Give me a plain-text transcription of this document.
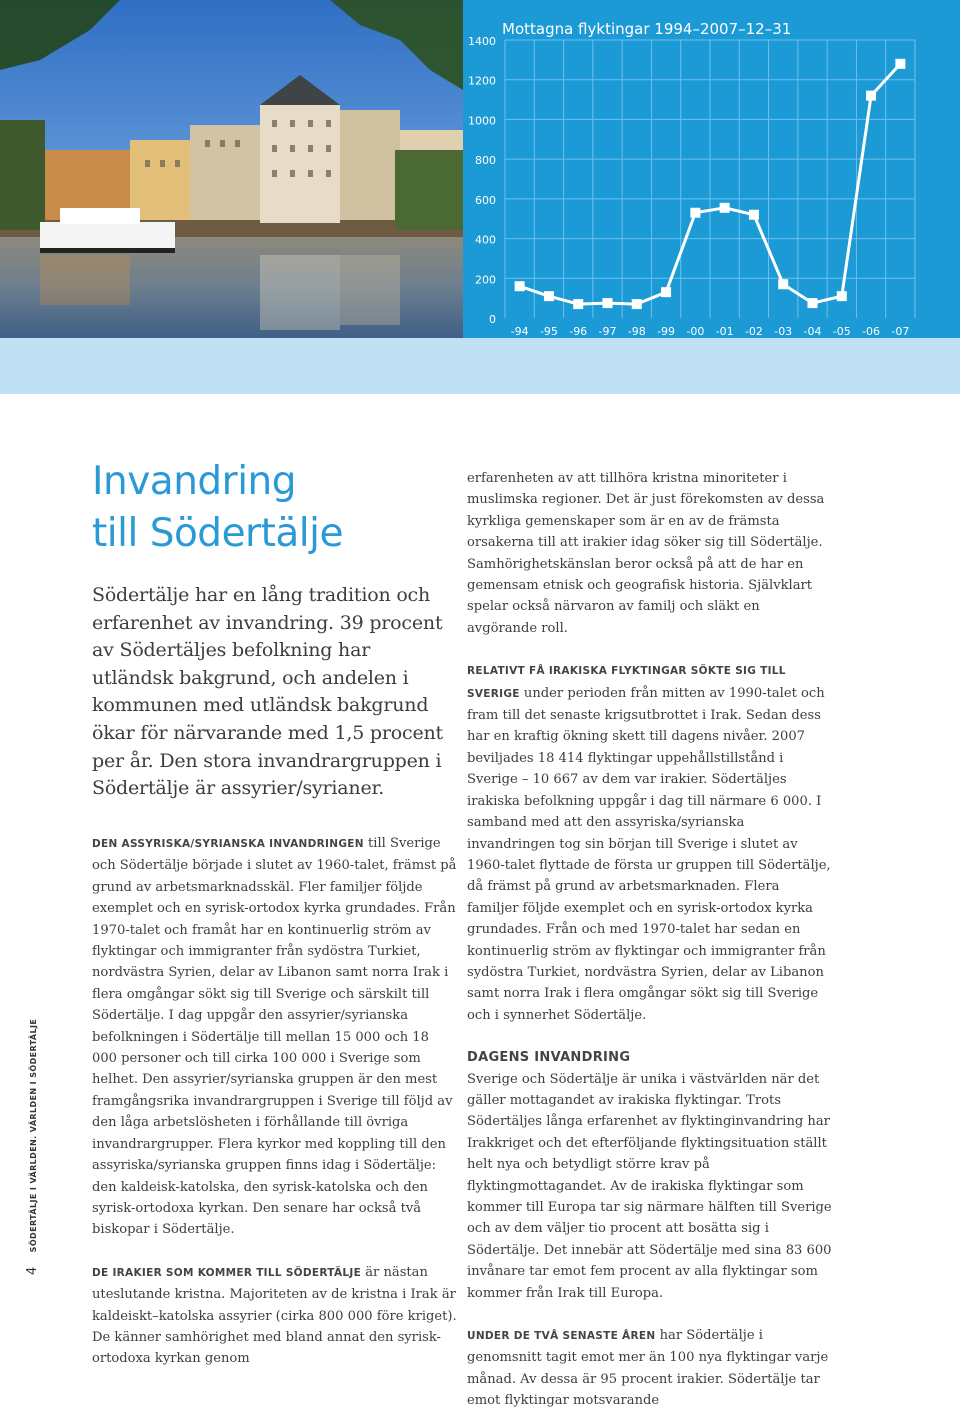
Mottagna flyktingar 1994–2007–12–31
0
200
400
600
800
1000
1200
1400
-94 -95 -96 -97 -98 -99 -00 -01 -02 -03 -04 -05 -06 -07
Invandring
till Södertälje

Södertälje har en lång tradition och erfarenhet av invandring. 39 procent av Södertäljes befolkning har utländsk bakgrund, och andelen i kommunen med utländsk bakgrund ökar för närvarande med 1,5 procent per år. Den stora invandrargruppen i Södertälje är assyrier/syrianer.

DEN ASSYRISKA/SYRIANSKA INVANDRINGEN till Sverige och Södertälje började i slutet av 1960-talet, främst på grund av arbetsmarknadsskäl. Fler familjer följde exemplet och en syrisk-ortodox kyrka grundades. Från 1970-talet och framåt har en kontinuerlig ström av flyktingar och immigranter från sydöstra Turkiet, nordvästra Syrien, delar av Libanon samt norra Irak i flera omgångar sökt sig till Sverige och särskilt till Södertälje. I dag uppgår den assyrier/syrianska befolkningen i Södertälje till mellan 15 000 och 18 000 personer och till cirka 100 000 i Sverige som helhet. Den assyrier/syrianska gruppen är den mest framgångsrika invandrargruppen i Sverige till följd av den låga arbetslösheten i förhållande till övriga invandrargrupper. Flera kyrkor med koppling till den assyriska/syrianska gruppen finns idag i Södertälje: den kaldeisk-katolska, den syrisk-katolska och den syrisk-ortodoxa kyrkan. Den senare har också två biskopar i Södertälje.

DE IRAKIER SOM KOMMER TILL SÖDERTÄLJE är nästan uteslutande kristna. Majoriteten av de kristna i Irak är kaldeiskt–katolska assyrier (cirka 800 000 före kriget). De känner samhörighet med bland annat den syrisk-ortodoxa kyrkan genom

erfarenheten av att tillhöra kristna minoriteter i muslimska regioner. Det är just förekomsten av dessa kyrkliga gemenskaper som är en av de främsta orsakerna till att irakier idag söker sig till Södertälje. Samhörighetskänslan beror också på att de har en gemensam etnisk och geografisk historia. Självklart spelar också närvaron av familj och släkt en avgörande roll.

RELATIVT FÅ IRAKISKA FLYKTINGAR SÖKTE SIG TILL SVERIGE under perioden från mitten av 1990-talet och fram till det senaste krigsutbrottet i Irak. Sedan dess har en kraftig ökning skett till dagens nivåer. 2007 beviljades 18 414 flyktingar uppehållstillstånd i Sverige – 10 667 av dem var irakier. Södertäljes irakiska befolkning uppgår i dag till närmare 6 000. I samband med att den assyriska/syrianska invandringen tog sin början till Sverige i slutet av 1960-talet flyttade de första ur gruppen till Södertälje, då främst på grund av arbetsmarknaden. Flera familjer följde exemplet och en syrisk-ortodox kyrka grundades. Från och med 1970-talet har sedan en kontinuerlig ström av flyktingar och immigranter från sydöstra Turkiet, nordvästra Syrien, delar av Libanon samt norra Irak i flera omgångar sökt sig till Sverige och i synnerhet Södertälje.

DAGENS INVANDRING

Sverige och Södertälje är unika i västvärlden när det gäller mottagandet av irakiska flyktingar. Trots Södertäljes långa erfarenhet av flyktinginvandring har Irakkriget och det efterföljande flyktingsituation ställt helt nya och betydligt större krav på flyktingmottagandet. Av de irakiska flyktingar som kommer till Europa tar sig närmare hälften till Sverige och av dem väljer tio procent att bosätta sig i Södertälje. Det innebär att Södertälje med sina 83 600 invånare tar emot fem procent av alla flyktingar som kommer från Irak till Europa.

UNDER DE TVÅ SENASTE ÅREN har Södertälje i genomsnitt tagit emot mer än 100 nya flyktingar varje månad. Av dessa är 95 procent irakier. Södertälje tar emot flyktingar motsvarande

4SÖDERTÄLJE I VÄRLDEN. VÄRLDEN I SÖDERTÄLJE
